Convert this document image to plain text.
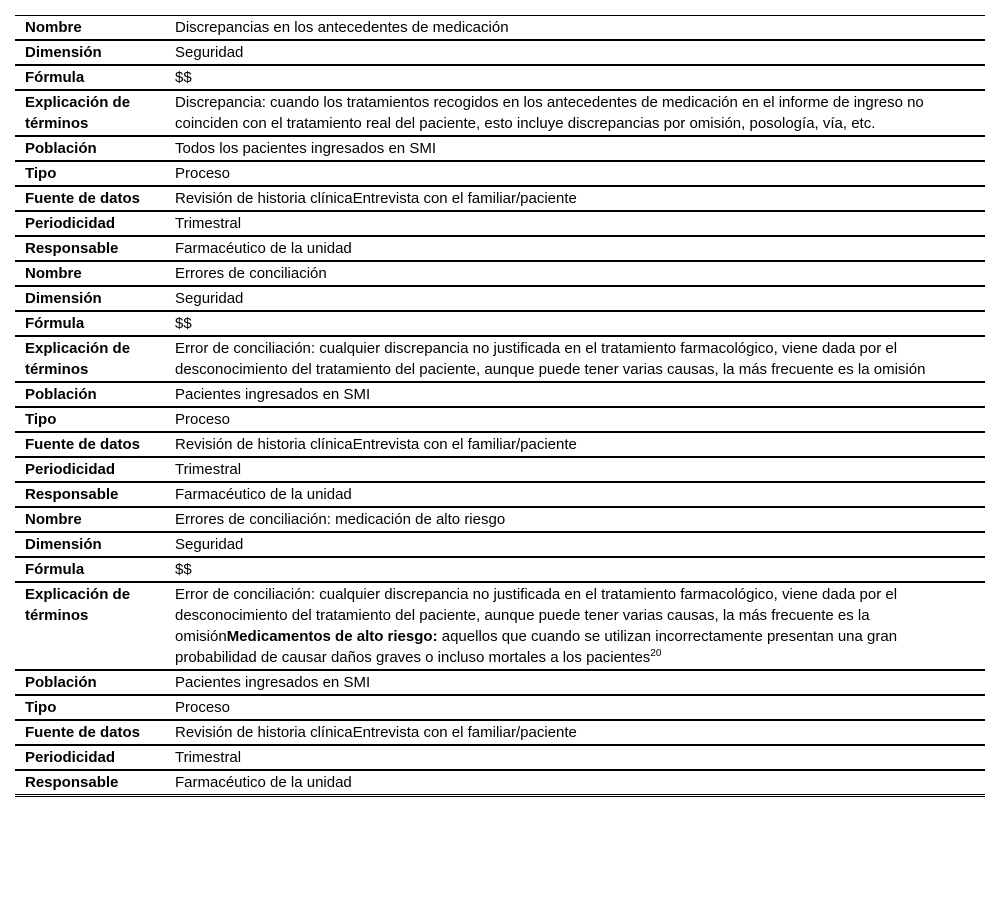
Nombre	Discrepancias en los antecedentes de medicación
Dimensión	Seguridad
Fórmula	$$
Explicación de términos	Discrepancia: cuando los tratamientos recogidos en los antecedentes de medicación en el informe de ingreso no coinciden con el tratamiento real del paciente, esto incluye discrepancias por omisión, posología, vía, etc.
Población	Todos los pacientes ingresados en SMI
Tipo	Proceso
Fuente de datos	Revisión de historia clínicaEntrevista con el familiar/paciente
Periodicidad	Trimestral
Responsable	Farmacéutico de la unidad
Nombre	Errores de conciliación
Dimensión	Seguridad
Fórmula	$$
Explicación de términos	Error de conciliación: cualquier discrepancia no justificada en el tratamiento farmacológico, viene dada por el desconocimiento del tratamiento del paciente, aunque puede tener varias causas, la más frecuente es la omisión
Población	Pacientes ingresados en SMI
Tipo	Proceso
Fuente de datos	Revisión de historia clínicaEntrevista con el familiar/paciente
Periodicidad	Trimestral
Responsable	Farmacéutico de la unidad
Nombre	Errores de conciliación: medicación de alto riesgo
Dimensión	Seguridad
Fórmula	$$
Explicación de términos	Error de conciliación: cualquier discrepancia no justificada en el tratamiento farmacológico, viene dada por el desconocimiento del tratamiento del paciente, aunque puede tener varias causas, la más frecuente es la omisiónMedicamentos de alto riesgo: aquellos que cuando se utilizan incorrectamente presentan una gran probabilidad de causar daños graves o incluso mortales a los pacientes$^{20}$
Población	Pacientes ingresados en SMI
Tipo	Proceso
Fuente de datos	Revisión de historia clínicaEntrevista con el familiar/paciente
Periodicidad	Trimestral
Responsable	Farmacéutico de la unidad
